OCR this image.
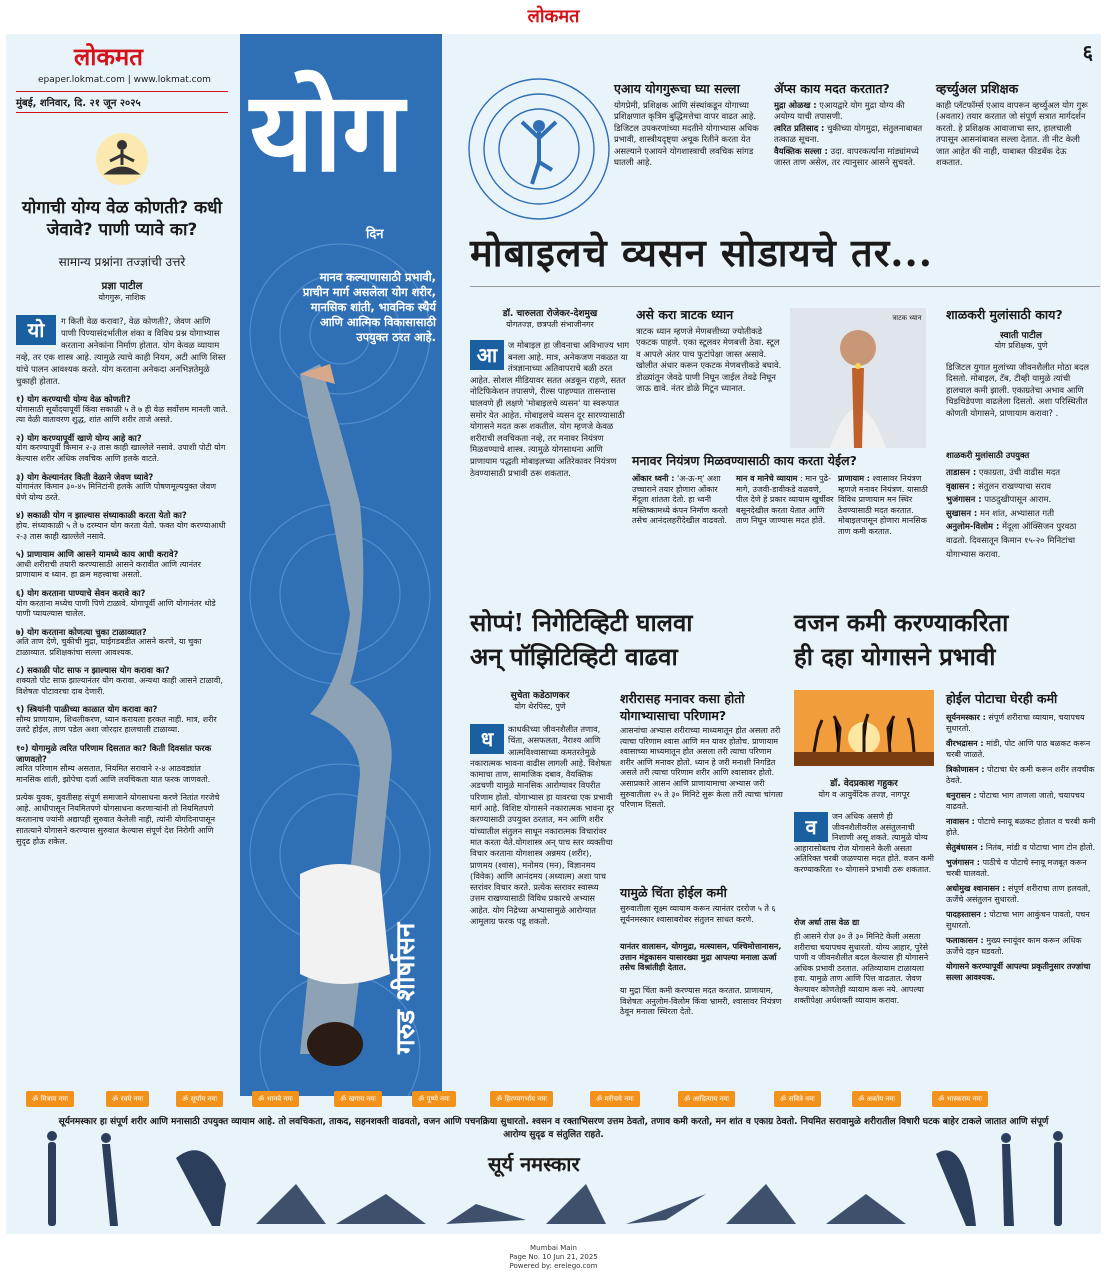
लोकमत
लोकमत
epaper.lokmat.com | www.lokmat.com
मुंबई, शनिवार, दि. २१ जून २०२५
योगाची योग्य वेळ कोणती? कधी जेवावे? पाणी प्यावे का?
सामान्य प्रश्नांना तज्ज्ञांची उत्तरे
प्रज्ञा पाटील
योगगुरू, नाशिक
यो	ग किती वेळ करावा?, वेळ कोणती?, जेवण आणि पाणी पिण्यासंदर्भातील शंका व विविध प्रश्न योगाभ्यास करताना अनेकांना निर्माण होतात. योग केवळ व्यायाम नव्हे, तर एक शास्त्र आहे. त्यामुळे त्याचे काही नियम, अटी आणि शिस्त यांचे पालन आवश्यक करते. योग करताना अनेकदा अनभिज्ञतेमुळे चुकाही होतात.
१) योग करण्याची योग्य वेळ कोणती?
योगासाठी सूर्योदयापूर्वी किंवा सकाळी ५ ते ७ ही वेळ सर्वोत्तम मानली जाते. त्या वेळी वातावरण शुद्ध, शांत आणि शरीर ताजे असते.
२) योग करण्यापूर्वी खाणे योग्य आहे का?
योग करण्यापूर्वी किमान २-३ तास काही खाल्लेले नसावे. उपाशी पोटी योग केल्यास शरीर अधिक लवचिक आणि हलके वाटते.
३) योग केल्यानंतर किती वेळाने जेवण घ्यावे?
योगानंतर किमान ३०-४५ मिनिटांनी हलके आणि पोषणमूल्ययुक्त जेवण घेणे योग्य ठरते.
४) सकाळी योग न झाल्यास संध्याकाळी करता येतो का?
होय. संध्याकाळी ५ ते ७ दरम्यान योग करता येतो. फक्त योग करण्याआधी २-३ तास काही खाल्लेले नसावे.
५) प्राणायाम आणि आसने यामध्ये काय आधी करावे?
आधी शरीराची तयारी करण्यासाठी आसने करावीत आणि त्यानंतर प्राणायाम व ध्यान. हा क्रम महत्त्वाचा असतो.
६) योग करताना पाण्याचे सेवन करावे का?
योग करताना मध्येच पाणी पिणे टाळावे. योगापूर्वी आणि योगानंतर थोडे पाणी प्यायल्यास चालेल.
७) योग करताना कोणत्या चुका टाळाव्यात?
अति ताण देणे, चुकीची मुद्रा, घाईगडबडीत आसने करणे, या चुका टाळाव्यात. प्रशिक्षकांचा सल्ला आवश्यक.
८) सकाळी पोट साफ न झाल्यास योग करावा का?
शक्यतो पोट साफ झाल्यानंतर योग करावा. अन्यथा काही आसने टाळावी, विशेषतः पोटावरचा दाब देणारी.
९) स्त्रियांनी पाळीच्या काळात योग करावा का?
सौम्य प्राणायाम, शिथलीकरण, ध्यान करायला हरकत नाही. मात्र, शरीर उलटे होईल, ताण पडेल अशा जोरदार हालचाली टाळाव्या.
१०) योगामुळे त्वरित परिणाम दिसतात का? किती दिवसांत फरक जाणवतो?
त्वरित परिणाम सौम्य असतात, नियमित सरावाने २-४ आठवड्यांत मानसिक शांती, झोपेचा दर्जा आणि लवचिकता यात फरक जाणवतो.
प्रत्येक युवक, युवतीसह संपूर्ण समाजाने योगसाधना करणे नितांत गरजेचे आहे. आधीपासून नियमितपणे योगसाधना करणाऱ्यांनी तो नियमितपणे करतानाच ज्यांनी अद्यापही सुरुवात केलेली नाही, त्यांनी योगदिनापासून सातत्याने योगासने करण्यास सुरुवात केल्यास संपूर्ण देश निरोगी आणि सुदृढ होऊ शकेल.
योग
दिन
मानव कल्याणासाठी प्रभावी, प्राचीन मार्ग असलेला योग शरीर, मानसिक शांती, भावनिक स्थैर्य आणि आत्मिक विकासासाठी उपयुक्त ठरत आहे.
गरुड शीर्षासन
६
एआय योगगुरूचा घ्या सल्ला
योगप्रेमी, प्रशिक्षक आणि संस्थांकडून योगाच्या प्रशिक्षणात कृत्रिम बुद्धिमत्तेचा वापर वाढत आहे. डिजिटल उपकरणांच्या मदतीने योगाभ्यास अधिक प्रभावी, शास्त्रीयदृष्ट्या अचूक रितीने करता येत असल्याने एआयने योगशास्त्राची लवचिक सांगड घातली आहे.
ॲप्स काय मदत करतात?
मुद्रा ओळख : एआयद्वारे योग मुद्रा योग्य की अयोग्य याची तपासणी.
त्वरित प्रतिसाद : चुकीच्या योगमुद्रा, संतुलनाबाबत तत्काळ सूचना.
वैयक्तिक सल्ला : उदा. वापरकर्त्यांना मांड्यांमध्ये जास्त ताण असेल, तर त्यानुसार आसने सुचवते.
व्हर्च्युअल प्रशिक्षक
काही प्लॅटफॉर्म्स एआय वापरून व्हर्च्युअल योग गुरू (अवतार) तयार करतात जो संपूर्ण सत्रात मार्गदर्शन करतो. हे प्रशिक्षक आवाजाचा स्तर, हालचाली तपासून आसनांबाबत सल्ला देतात. ती नीट केली जात आहेत की नाही, याबाबत फीडबॅक देऊ शकतात.
मोबाइलचे व्यसन सोडायचे तर...
डॉ. चारुलता रोजेकर-देशमुख
योगतज्ज्ञ, छत्रपती संभाजीनगर
आ	ज मोबाइल हा जीवनाचा अविभाज्य भाग बनला आहे. मात्र, अनेकजण नकळत या तंत्रज्ञानाच्या अतिवापराचे बळी ठरत आहेत. सोशल मीडियावर सतत अडकून राहणे, सतत नोटिफिकेशन तपासणे, रील्स पाहण्यात तासन्तास घालवणे ही लक्षणे 'मोबाइलचे व्यसन' या स्वरूपात समोर येत आहेत. मोबाइलचे व्यसन दूर सारण्यासाठी योगासने मदत करू शकतील. योग म्हणजे केवळ शरीराची लवचिकता नव्हे, तर मनावर नियंत्रण मिळवण्याचे शास्त्र. त्यामुळे योगसाधना आणि प्राणायाम पद्धती मोबाइलच्या अतिरेकावर नियंत्रण ठेवण्यासाठी प्रभावी ठरू शकतात.
असे करा त्राटक ध्यान
त्राटक ध्यान म्हणजे मेणबत्तीच्या ज्योतीकडे एकटक पाहणे. एका स्टूलवर मेणबत्ती ठेवा. स्टूल व आपले अंतर पाच फुटांपेक्षा जास्त असावे. खोलीत अंधार करून एकटक मेणबत्तीकडे बघावे. डोळ्यांतून जेवढे पाणी निघून जाईल तेवढे निघून जाऊ द्यावे. नंतर डोळे मिटून ध्यानात.
त्राटक ध्यान
मनावर नियंत्रण मिळवण्यासाठी काय करता येईल?
ओंकार ध्वनी : 'अ-ऊ-म्' अशा उच्चाराने तयार होणारा ओंकार मेंदूला शांतता देतो. हा ध्वनी मस्तिष्कामध्ये कंपन निर्माण करतो तसेच आनंदलहरीदेखील वाढवतो.
मान व मानेचे व्यायाम : मान पुढे-मागे, उजवी-डावीकडे वळवणे, पील देणे हे प्रकार व्यायाम खुर्चीवर बसूनदेखील करता येतात आणि ताण निघून जाण्यास मदत होते.
प्राणायाम : श्वासावर नियंत्रण म्हणजे मनावर नियंत्रण. यासाठी विविध प्राणायाम मन स्थिर ठेवण्यासाठी मदत करतात. मोबाइलपासून होणारा मानसिक ताण कमी करतात.
शाळकरी मुलांसाठी काय?
स्वाती पाटील
योग प्रशिक्षक, पुणे
डिजिटल युगात मुलांच्या जीवनशैलीत मोठा बदल दिसतो. मोबाइल, टॅब, टीव्ही यामुळे त्यांची हालचाल कमी झाली. एकाग्रतेचा अभाव आणि चिडचिडेपणा वाढलेला दिसतो. अशा परिस्थितीत कोणती योगासने, प्राणायाम करावा? .
शाळकरी मुलांसाठी उपयुक्त
ताडासन : एकाग्रता, उंची वाढीस मदत
वृक्षासन : संतुलन राखण्याचा सराव
भुजंगासन : पाठदुखीपासून आराम.
सुखासन : मन शांत, अभ्यासात गती
अनुलोम-विलोम : मेंदूला ऑक्सिजन पुरवठा वाढतो. दिवसातून किमान १५-२० मिनिटांचा योगाभ्यास करावा.
सोप्पं! निगेटिव्हिटी घालवा
अन् पॉझिटिव्हिटी वाढवा
सुचेता कडेठाणकर
योग थेरपिस्ट, पुणे
ध	काधकीच्या जीवनशैलीत तणाव, चिंता, असफलता, नैराश्य आणि आत्मविश्वासाच्या कमतरतेमुळे नकारात्मक भावना वाढीस लागली आहे. विशेषतः कामाचा ताण, सामाजिक दबाव, वैयक्तिक अडचणी यामुळे मानसिक आरोग्यावर विपरीत परिणाम होतो. योगाभ्यास हा यावरचा एक प्रभावी मार्ग आहे. विशिष्ट योगासने नकारात्मक भावना दूर करण्यासाठी उपयुक्त ठरतात, मन आणि शरीर यांच्यातील संतुलन साधून नकारात्मक विचारांवर मात करता येते.योगशास्त्र अन् पाच स्तर व्यक्तीचा विचार करताना योगशास्त्र अन्नमय (शरीर), प्राणमय (श्वास), मनोमय (मन), विज्ञानमय (विवेक) आणि आनंदमय (अध्यात्म) अशा पाच स्तरांवर विचार करते. प्रत्येक स्तरावर स्वास्थ्य उत्तम राखण्यासाठी विविध प्रकारचे अभ्यास आहेत. योग निद्रेच्या अभ्यासामुळे आरोग्यात आमूलाग्र फरक पडू शकतो.
शरीरासह मनावर कसा होतो योगाभ्यासाचा परिणाम?
आसनांचा अभ्यास शरीराच्या माध्यमातून होत असला तरी त्याचा परिणाम श्वास आणि मन यावर होतोच. प्राणायाम श्वासाच्या माध्यमातून होत असला तरी त्याचा परिणाम शरीर आणि मनावर होतो. ध्यान हे जरी मनाशी निगडित असले तरी त्याचा परिणाम शरीर आणि श्वासावर होतो. असाप्रकारे आसन आणि प्राणायामाचा अभ्यास जरी सुरुवातीला २५ ते ३० मिनिटे सुरू केला तरी त्याचा चांगला परिणाम दिसतो.
यामुळे चिंता होईल कमी
सुरुवातीला सूक्ष्म व्यायाम करून त्यानंतर दररोज ५ ते ६ सूर्यनमस्कार श्वासाबरोबर संतुलन साधत करणे.
यानंतर वालासन, योगमुद्रा, मत्स्यासन, पश्चिमोत्तानासन, उत्तान मंडूकासन यासारख्या मुद्रा आपल्या मनाला ऊर्जा तसेच विश्रांतीही देतात.
या मुद्रा चिंता कमी करण्यास मदत करतात. प्राणायाम, विशेषतः अनुलोम-विलोम किंवा भ्रामरी, श्वासावर नियंत्रण ठेवून मनाला स्थिरता देतो.
वजन कमी करण्याकरिता
ही दहा योगासने प्रभावी
डॉ. वेदप्रकाश गहुकर
योग व आयुर्वेदिक तज्ज्ञ, नागपूर
व	जन अधिक असणे ही जीवनशैलीवरील असंतुलनाची निशाणी असू शकते. त्यामुळे योग्य आहारासोबतच रोज योगासने केली असता अतिरिक्त चरबी जळण्यास मदत होते. वजन कमी करण्याकरिता १० योगासने प्रभावी ठरू शकतात.
रोज अर्धा तास वेळ द्या
ही आसने रोज ३० ते ३० मिनिटे केली असता शरीराचा चयापचय सुधारतो. योग्य आहार, पुरेसे पाणी व जीवनशैलीत बदल केल्यास ही योगासने अधिक प्रभावी ठरतात. अतिव्यायाम टाळायला हवा. यामुळे ताण आणि पित्त वाढतात. जेवण केल्यावर कोणतेही व्यायाम करू नये. आपल्या शक्तीपेक्षा अर्धशक्ती व्यायाम करावा.
होईल पोटाचा घेरही कमी
सूर्यनमस्कार : संपूर्ण शरीराचा व्यायाम, चयापचय सुधारतो.
वीरभद्रासन : मांडी, पोट आणि पाठ बळकट करून चरबी जाळते.
त्रिकोणासन : पोटाचा घेर कमी करून शरीर लवचीक ठेवते.
धनुरासन : पोटाचा भाग ताणला जातो, चयापचय वाढवते.
नावासन : पोटाचे स्नायू बळकट होतात व चरबी कमी होते.
सेतुबंधासन : नितंब, मांडी व पोटाचा भाग टोन होतो.
भुजंगासन : पाठीचे व पोटाचे स्नायू मजबूत करून चरबी घालवतो.
अधोमुख श्वानासन : संपूर्ण शरीराचा ताण हलवतो, ऊर्जेचे असंतुलन सुधारतो.
पादहस्तासन : पोटाचा भाग आकुंचन पावतो, पचन सुधारतो.
फलाकासन : मुख्य स्नायूंवर काम करून अधिक ऊर्जेचे दहन घडवतो.
योगासने करण्यापूर्वी आपल्या प्रकृतीनुसार तज्ज्ञांचा सल्ला आवश्यक.
ॐ मित्राय नमः	ॐ रवये नमः	ॐ सूर्याय नमः	ॐ भानवे नमः	ॐ खगाय नमः	ॐ पूष्णे नमः	ॐ हिरण्यगर्भाय नमः	ॐ मरीचये नमः	ॐ आदित्याय नमः	ॐ सवित्रे नमः	ॐ अर्काय नमः	ॐ भास्कराय नमः
सूर्यनमस्कार हा संपूर्ण शरीर आणि मनासाठी उपयुक्त व्यायाम आहे. तो लवचिकता, ताकद, सहनशक्ती वाढवतो, वजन आणि पचनक्रिया सुधारतो. श्वसन व रक्ताभिसरण उत्तम ठेवतो, तणाव कमी करतो, मन शांत व एकाग्र ठेवतो. नियमित सरावामुळे शरीरातील विषारी घटक बाहेर टाकले जातात आणि संपूर्ण आरोग्य सुदृढ व संतुलित राहते.
सूर्य नमस्कार
Mumbai Main
Page No. 10 Jun 21, 2025
Powered by: erelego.com
